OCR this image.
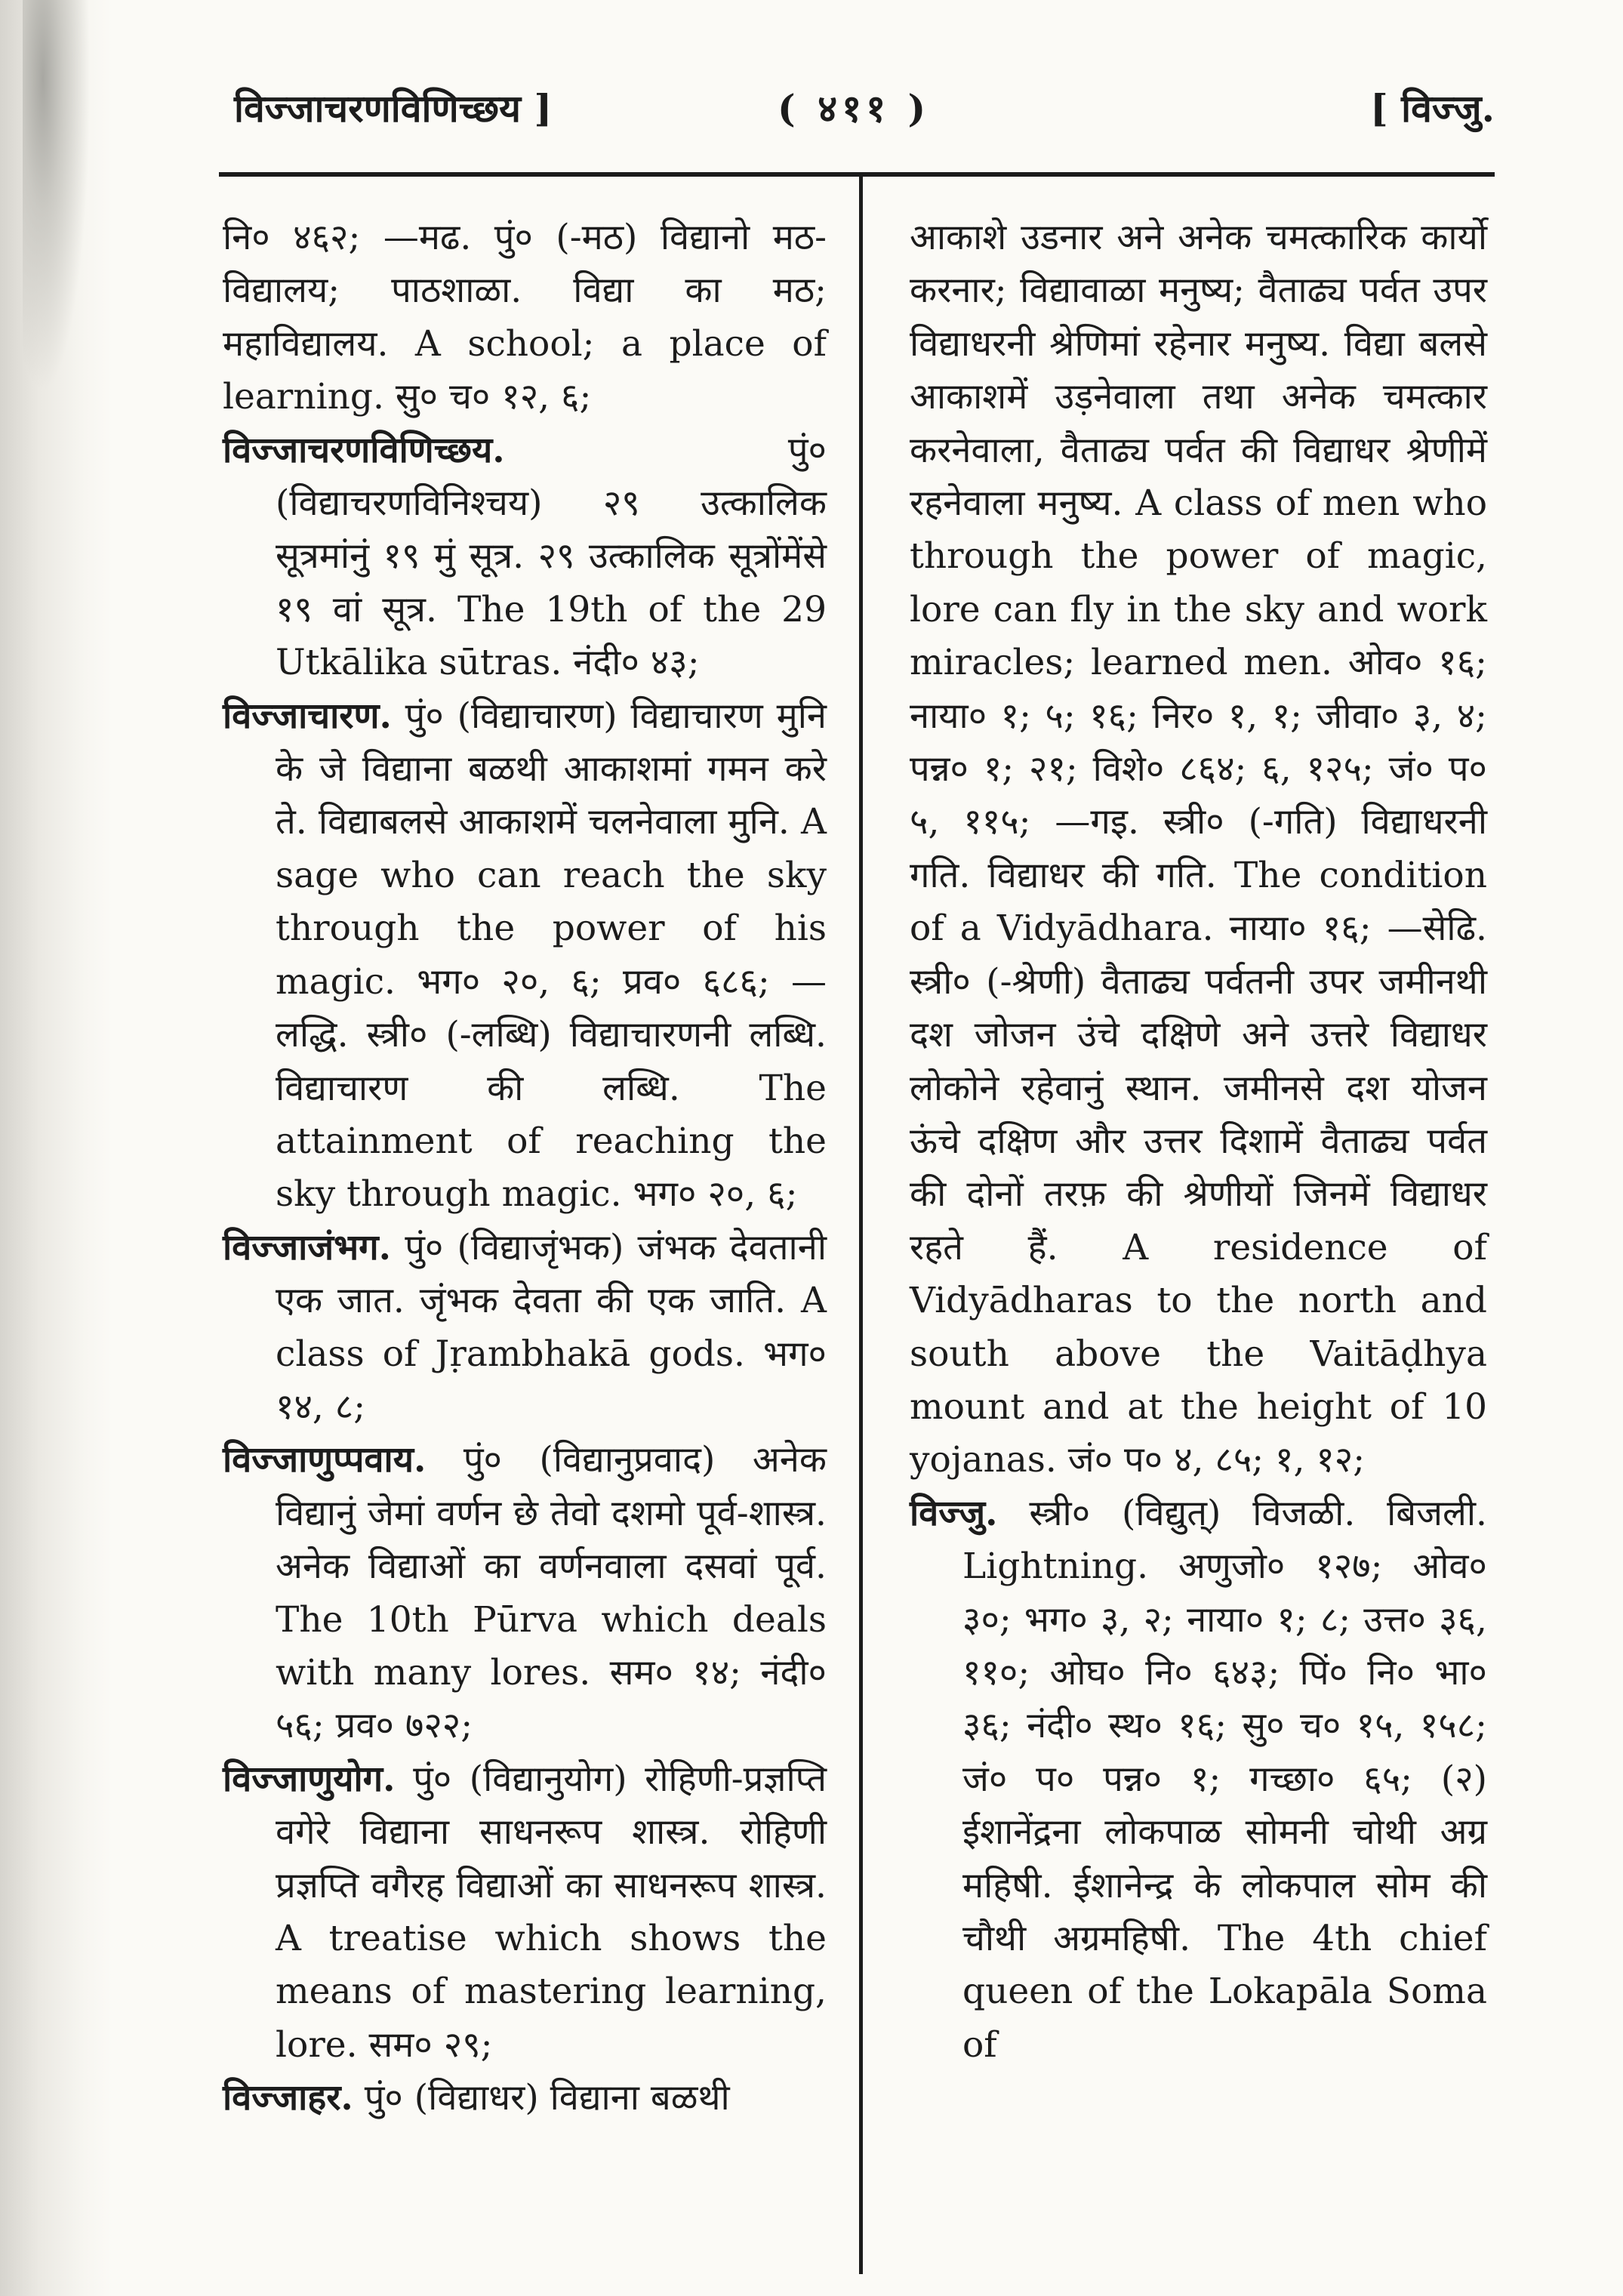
विज्जाचरणविणिच्छय ]	( ४११ )	[ विज्जु.

नि० ४६२; —मढ. पुं० (-मठ) विद्यानो मठ-विद्यालय; पाठशाळा. विद्या का मठ; महाविद्यालय. A school; a place of learning. सु० च० १२, ६;

विज्जाचरणविणिच्छय.	पुं० (विद्याचरणविनिश्चय) २९ उत्कालिक सूत्रमांनुं १९ मुं सूत्र. २९ उत्कालिक सूत्रोंमेंसे १९ वां सूत्र. The 19th of the 29 Utkālika sūtras. नंदी० ४३;

विज्जाचारण. पुं० (विद्याचारण) विद्याचारण मुनि के जे विद्याना बळथी आकाशमां गमन करे ते. विद्याबलसे आकाशमें चलनेवाला मुनि. A sage who can reach the sky through the power of his magic. भग० २०, ६; प्रव० ६८६; —लद्धि. स्त्री० (-लब्धि) विद्याचारणनी लब्धि. विद्याचारण की लब्धि. The attainment of reaching the sky through magic. भग० २०, ६;

विज्जाजंभग. पुं० (विद्याजृंभक) जंभक देवतानी एक जात. जृंभक देवता की एक जाति. A class of Jṛambhakā gods. भग० १४, ८;

विज्जाणुप्पवाय. पुं० (विद्यानुप्रवाद) अनेक विद्यानुं जेमां वर्णन छे तेवो दशमो पूर्व-शास्त्र. अनेक विद्याओं का वर्णनवाला दसवां पूर्व. The 10th Pūrva which deals with many lores. सम० १४; नंदी० ५६; प्रव० ७२२;

विज्जाणुयोग. पुं० (विद्यानुयोग) रोहिणी-प्रज्ञप्ति वगेरे विद्याना साधनरूप शास्त्र. रोहिणी प्रज्ञप्ति वगैरह विद्याओं का साधनरूप शास्त्र. A treatise which shows the means of mastering learning, lore. सम० २९;

विज्जाहर. पुं० (विद्याधर) विद्याना बळथी

आकाशे उडनार अने अनेक चमत्कारिक कार्यो करनार; विद्यावाळा मनुष्य; वैताढ्य पर्वत उपर विद्याधरनी श्रेणिमां रहेनार मनुष्य. विद्या बलसे आकाशमें उड़नेवाला तथा अनेक चमत्कार करनेवाला, वैताढ्य पर्वत की विद्याधर श्रेणीमें रहनेवाला मनुष्य. A class of men who through the power of magic, lore can fly in the sky and work miracles; learned men. ओव० १६; नाया० १; ५; १६; निर० १, १; जीवा० ३, ४; पन्न० १; २१; विशे० ८६४; ६, १२५; जं० प० ५, ११५; —गइ. स्त्री० (-गति) विद्याधरनी गति. विद्याधर की गति. The condition of a Vidyādhara. नाया० १६; —सेढि. स्त्री० (-श्रेणी) वैताढ्य पर्वतनी उपर जमीनथी दश जोजन उंचे दक्षिणे अने उत्तरे विद्याधर लोकोने रहेवानुं स्थान. जमीनसे दश योजन ऊंचे दक्षिण और उत्तर दिशामें वैताढ्य पर्वत की दोनों तरफ़ की श्रेणीयों जिनमें विद्याधर रहते हैं. A residence of Vidyādharas to the north and south above the Vaitāḍhya mount and at the height of 10 yojanas. जं० प० ४, ८५; १, १२;

विज्जु. स्त्री० (विद्युत्) विजळी. बिजली. Lightning. अणुजो० १२७; ओव० ३०; भग० ३, २; नाया० १; ८; उत्त० ३६, ११०; ओघ० नि० ६४३; पिं० नि० भा० ३६; नंदी० स्थ० १६; सु० च० १५, १५८; जं० प० पन्न० १; गच्छा० ६५; (२) ईशानेंद्रना लोकपाळ सोमनी चोथी अग्र महिषी. ईशानेन्द्र के लोकपाल सोम की चौथी अग्रमहिषी. The 4th chief queen of the Lokapāla Soma of
